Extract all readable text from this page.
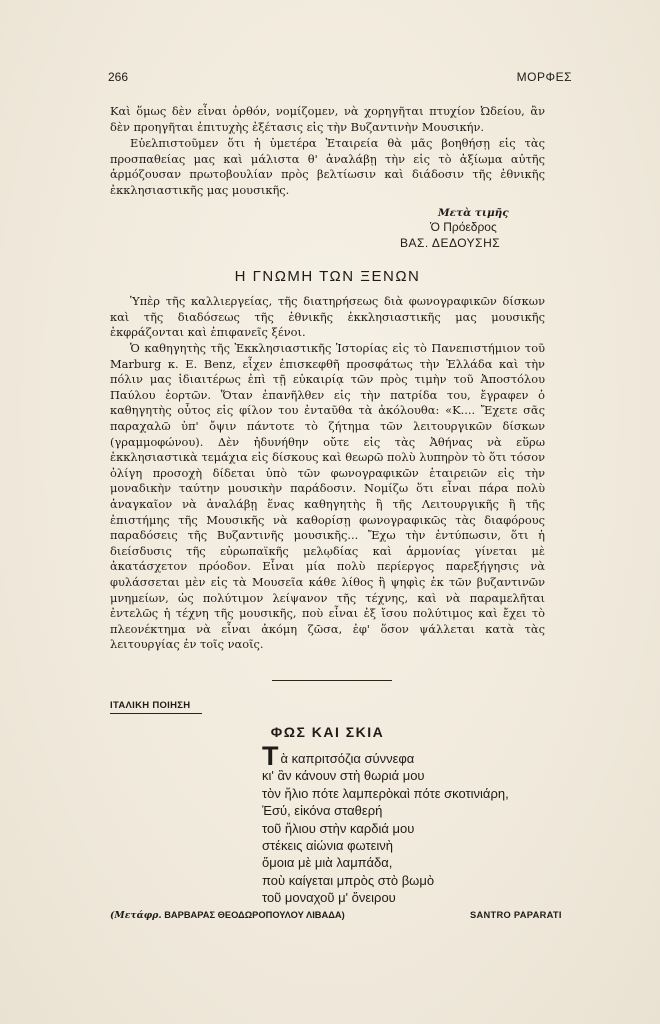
266	ΜΟΡΦΕΣ
Καὶ ὅμως δὲν εἶναι ὀρθόν, νομίζομεν, νὰ χορηγῆται πτυχίον Ὠδείου, ἂν δὲν προηγῆται ἐπιτυχὴς ἐξέτασις εἰς τὴν Βυζαντινὴν Μουσικήν.
Εὐελπιστοῦμεν ὅτι ἡ ὑμετέρα Ἑταιρεία θὰ μᾶς βοηθήσῃ εἰς τὰς προσπαθείας μας καὶ μάλιστα θ' ἀναλάβῃ τὴν εἰς τὸ ἀξίωμα αὐτῆς ἁρμόζουσαν πρωτοβουλίαν πρὸς βελτίωσιν καὶ διάδοσιν τῆς ἐθνικῆς ἐκκλησιαστικῆς μας μουσικῆς.
Μετὰ τιμῆς
Ὁ Πρόεδρος
ΒΑΣ. ΔΕΔΟΥΣΗΣ
Η ΓΝΩΜΗ ΤΩΝ ΞΕΝΩΝ
Ὑπὲρ τῆς καλλιεργείας, τῆς διατηρήσεως διὰ φωνογραφικῶν δίσκων καὶ τῆς διαδόσεως τῆς ἐθνικῆς ἐκκλησιαστικῆς μας μουσικῆς ἐκφράζονται καὶ ἐπιφανεῖς ξένοι.
Ὁ καθηγητὴς τῆς Ἐκκλησιαστικῆς Ἱστορίας εἰς τὸ Πανεπιστήμιον τοῦ Marburg κ. E. Benz, εἶχεν ἐπισκεφθῆ προσφάτως τὴν Ἑλλάδα καὶ τὴν πόλιν μας ἰδιαιτέρως ἐπὶ τῇ εὐκαιρίᾳ τῶν πρὸς τιμὴν τοῦ Ἀποστόλου Παύλου ἑορτῶν. Ὅταν ἐπανῆλθεν εἰς τὴν πατρίδα του, ἔγραφεν ὁ καθηγητὴς οὗτος εἰς φίλον του ἐνταῦθα τὰ ἀκόλουθα: «Κ.... Ἔχετε σᾶς παραχαλῶ ὑπ' ὄψιν πάντοτε τὸ ζήτημα τῶν λειτουργικῶν δίσκων (γραμμοφώνου). Δὲν ἠδυνήθην οὔτε εἰς τὰς Ἀθήνας νὰ εὕρω ἐκκλησιαστικὰ τεμάχια εἰς δίσκους καὶ θεωρῶ πολὺ λυπηρὸν τὸ ὅτι τόσον ὀλίγη προσοχὴ δίδεται ὑπὸ τῶν φωνογραφικῶν ἑταιρειῶν εἰς τὴν μοναδικὴν ταύτην μουσικὴν παράδοσιν. Νομίζω ὅτι εἶναι πάρα πολὺ ἀναγκαῖον νὰ ἀναλάβῃ ἕνας καθηγητὴς ἢ τῆς Λειτουργικῆς ἢ τῆς ἐπιστήμης τῆς Μουσικῆς νὰ καθορίσῃ φωνογραφικῶς τὰς διαφόρους παραδόσεις τῆς Βυζαντινῆς μουσικῆς... Ἔχω τὴν ἐντύπωσιν, ὅτι ἡ διείσδυσις τῆς εὐρωπαϊκῆς μελῳδίας καὶ ἁρμονίας γίνεται μὲ ἀκατάσχετον πρόοδον. Εἶναι μία πολὺ περίεργος παρεξήγησις νὰ φυλάσσεται μὲν εἰς τὰ Μουσεῖα κάθε λίθος ἢ ψηφὶς ἐκ τῶν βυζαντινῶν μνημείων, ὡς πολύτιμον λείψανον τῆς τέχνης, καὶ νὰ παραμελῆται ἐντελῶς ἡ τέχνη τῆς μουσικῆς, ποὺ εἶναι ἐξ ἴσου πολύτιμος καὶ ἔχει τὸ πλεονέκτημα νὰ εἶναι ἀκόμη ζῶσα, ἐφ' ὅσον ψάλλεται κατὰ τὰς λειτουργίας ἐν τοῖς ναοῖς.
ΙΤΑΛΙΚΗ ΠΟΙΗΣΗ
ΦΩΣ ΚΑΙ ΣΚΙΑ
Τὰ καπριτσόζια σύννεφα
κι' ἂν κάνουν στὴ θωριά μου
τὸν ἥλιο πότε λαμπερὸκαὶ πότε σκοτινιάρη,
Ἐσύ, εἰκόνα σταθερή
τοῦ ἥλιου στὴν καρδιά μου
στέκεις αἰώνια φωτεινὴ
ὅμοια μὲ μιὰ λαμπάδα,
ποὺ καίγεται μπρὸς στὸ βωμὸ
τοῦ μοναχοῦ μ' ὄνειρου
(Μετάφρ. ΒΑΡΒΑΡΑΣ ΘΕΟΔΩΡΟΠΟΥΛΟΥ ΛΙΒΑΔΑ)	SANTRO PAPARATI
